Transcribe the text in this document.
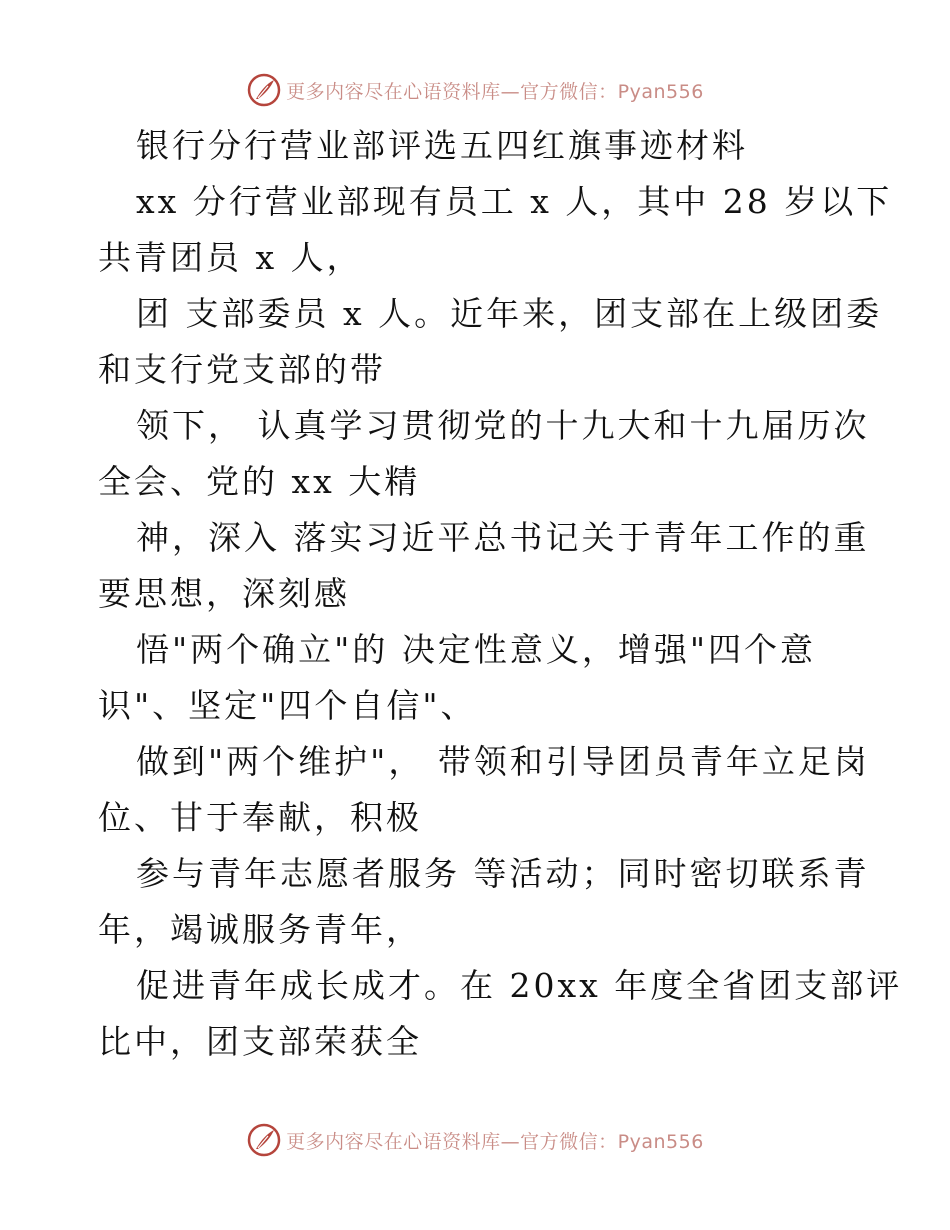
更多内容尽在心语资料库—官方微信：Pyan556
银行分行营业部评选五四红旗事迹材料
xx 分行营业部现有员工 x 人，其中 28 岁以下
共青团员 x 人，
团 支部委员 x 人。近年来，团支部在上级团委
和支行党支部的带
领下， 认真学习贯彻党的十九大和十九届历次
全会、党的 xx 大精
神，深入 落实习近平总书记关于青年工作的重
要思想，深刻感
悟"两个确立"的 决定性意义，增强"四个意
识"、坚定"四个自信"、
做到"两个维护"， 带领和引导团员青年立足岗
位、甘于奉献，积极
参与青年志愿者服务 等活动；同时密切联系青
年，竭诚服务青年，
促进青年成长成才。在 20xx 年度全省团支部评
比中，团支部荣获全
更多内容尽在心语资料库—官方微信：Pyan556
